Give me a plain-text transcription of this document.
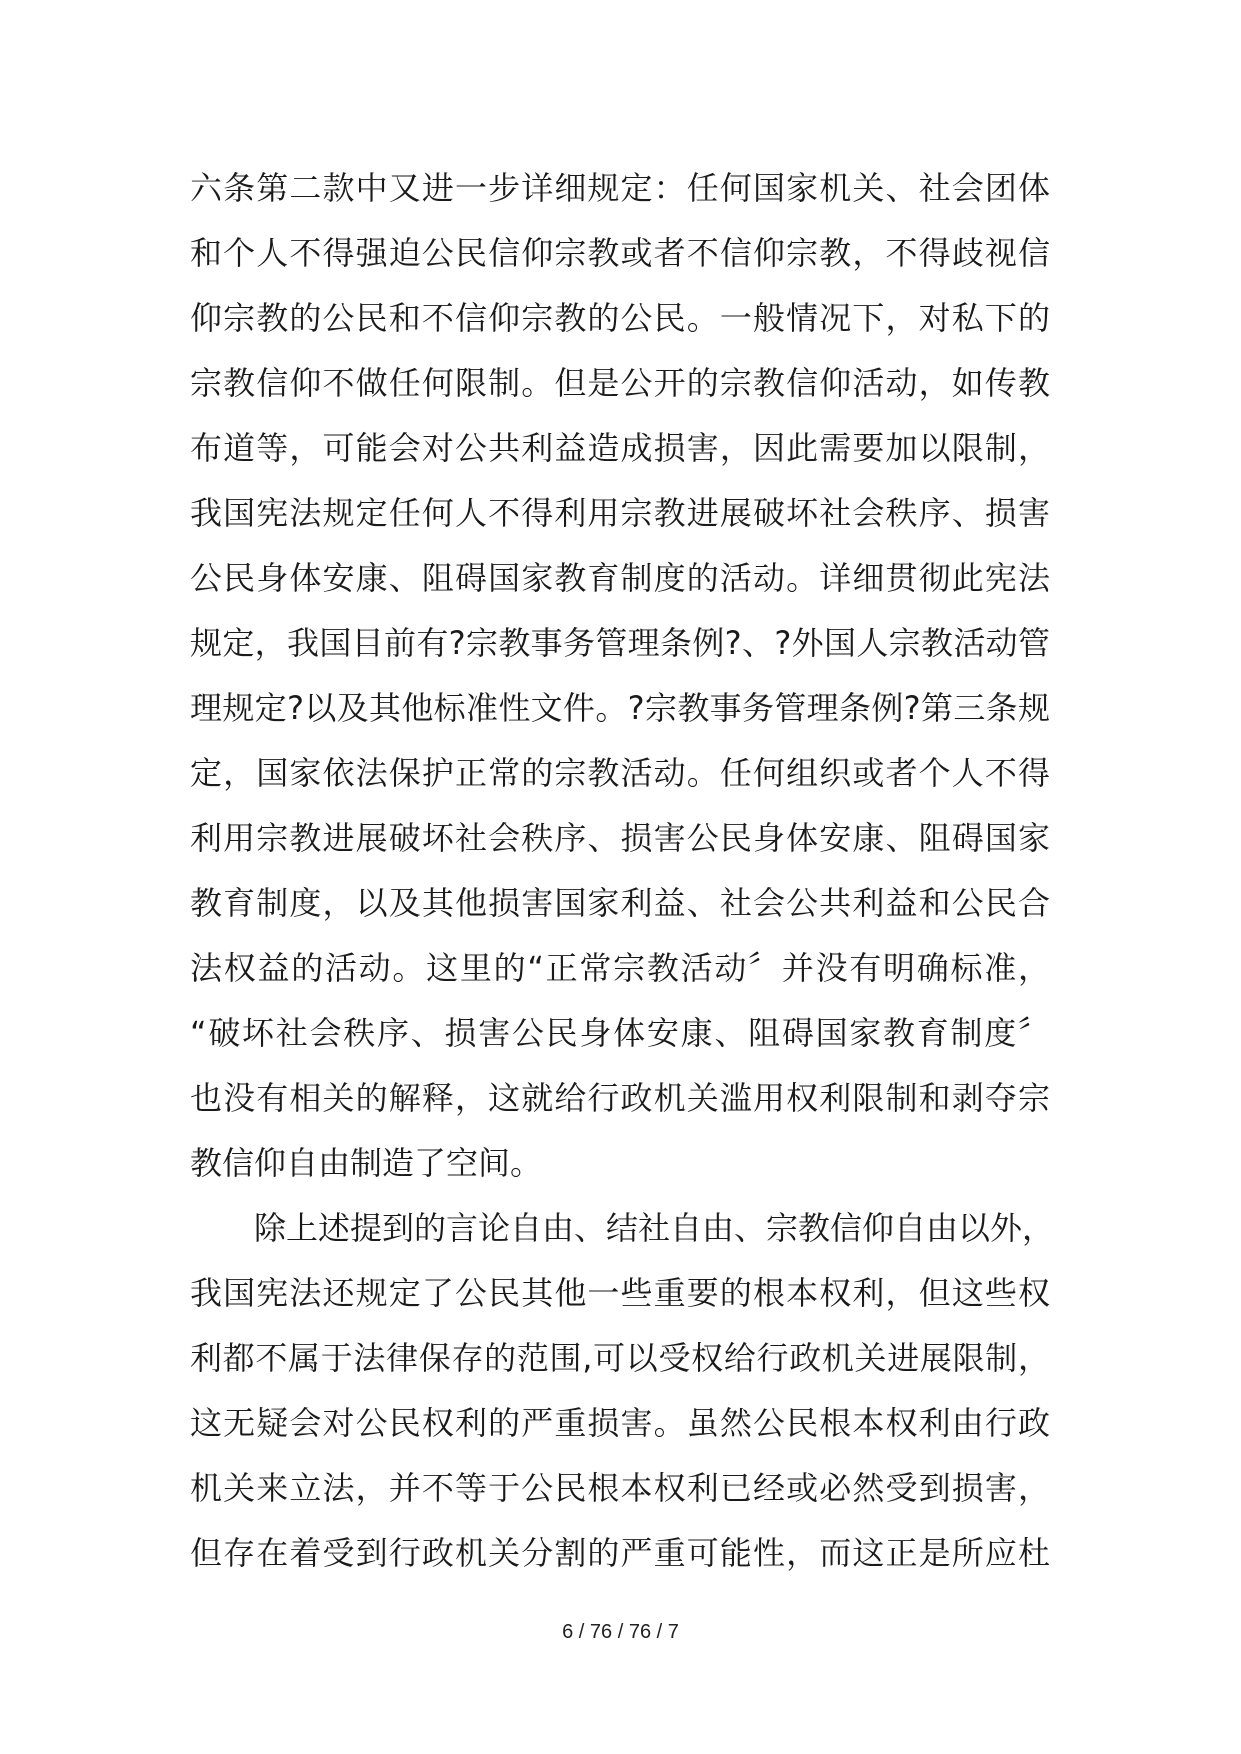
六条第二款中又进一步详细规定：任何国家机关、社会团体
和个人不得强迫公民信仰宗教或者不信仰宗教，不得歧视信
仰宗教的公民和不信仰宗教的公民。一般情况下，对私下的
宗教信仰不做任何限制。但是公开的宗教信仰活动，如传教
布道等，可能会对公共利益造成损害，因此需要加以限制，
我国宪法规定任何人不得利用宗教进展破坏社会秩序、损害
公民身体安康、阻碍国家教育制度的活动。详细贯彻此宪法
规定，我国目前有?宗教事务管理条例?、?外国人宗教活动管
理规定?以及其他标准性文件。?宗教事务管理条例?第三条规
定，国家依法保护正常的宗教活动。任何组织或者个人不得
利用宗教进展破坏社会秩序、损害公民身体安康、阻碍国家
教育制度，以及其他损害国家利益、社会公共利益和公民合
法权益的活动。这里的“正常宗教活动〞并没有明确标准，
“破坏社会秩序、损害公民身体安康、阻碍国家教育制度〞
也没有相关的解释，这就给行政机关滥用权利限制和剥夺宗
教信仰自由制造了空间。
除上述提到的言论自由、结社自由、宗教信仰自由以外，
我国宪法还规定了公民其他一些重要的根本权利，但这些权
利都不属于法律保存的范围,可以受权给行政机关进展限制，
这无疑会对公民权利的严重损害。虽然公民根本权利由行政
机关来立法，并不等于公民根本权利已经或必然受到损害，
但存在着受到行政机关分割的严重可能性，而这正是所应杜
6 / 76 / 76 / 7
